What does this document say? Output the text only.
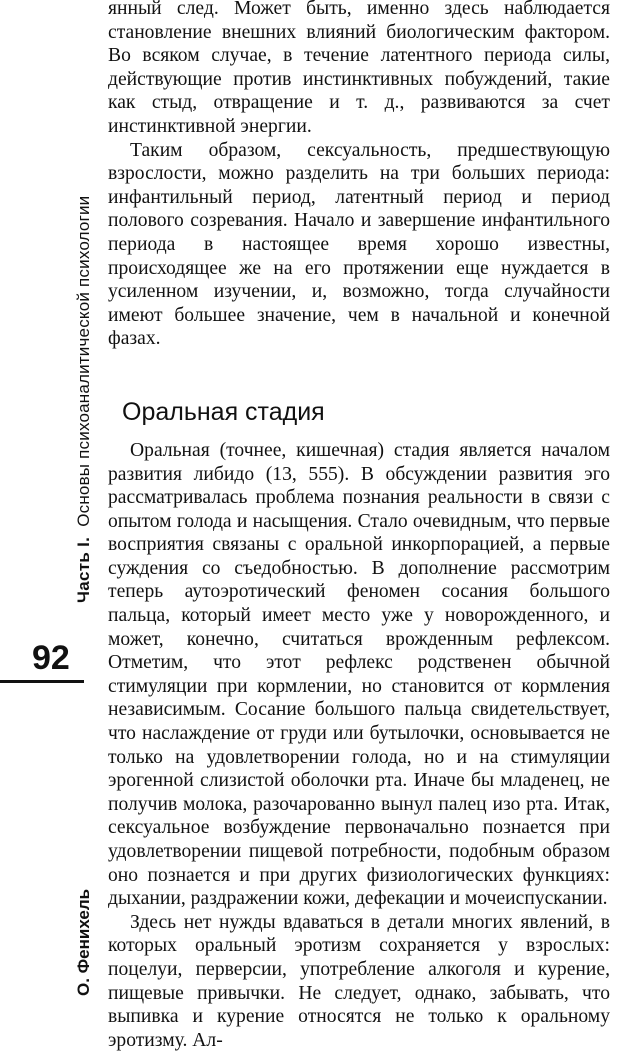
Часть I.Основы психоаналитической психологии
92
О. Фенихель

янный след. Может быть, именно здесь наблюдается становление внешних влияний биологическим фактором. Во всяком случае, в течение латентного периода силы, действующие против инстинктивных побуждений, такие как стыд, отвращение и т. д., развиваются за счет инстинктивной энергии.

Таким образом, сексуальность, предшествующую взрослости, можно разделить на три больших периода: инфантильный период, латентный период и период полового созревания. Начало и завершение инфантильного периода в настоящее время хорошо известны, происходящее же на его протяжении еще нуждается в усиленном изучении, и, возможно, тогда случайности имеют большее значение, чем в начальной и конечной фазах.

Оральная стадия

Оральная (точнее, кишечная) стадия является началом развития либидо (13, 555). В обсуждении развития эго рассматривалась проблема познания реальности в связи с опытом голода и насыщения. Стало очевидным, что первые восприятия связаны с оральной инкорпорацией, а первые суждения со съедобностью. В дополнение рассмотрим теперь аутоэротический феномен сосания большого пальца, который имеет место уже у новорожденного, и может, конечно, считаться врожденным рефлексом. Отметим, что этот рефлекс родственен обычной стимуляции при кормлении, но становится от кормления независимым. Сосание большого пальца свидетельствует, что наслаждение от груди или бутылочки, основывается не только на удовлетворении голода, но и на стимуляции эрогенной слизистой оболочки рта. Иначе бы младенец, не получив молока, разочарованно вынул палец изо рта. Итак, сексуальное возбуждение первоначально познается при удовлетворении пищевой потребности, подобным образом оно познается и при других физиологических функциях: дыхании, раздражении кожи, дефекации и мочеиспускании.

Здесь нет нужды вдаваться в детали многих явлений, в которых оральный эротизм сохраняется у взрослых: поцелуи, перверсии, употребление алкоголя и курение, пищевые привычки. Не следует, однако, забывать, что выпивка и курение относятся не только к оральному эротизму. Ал-
